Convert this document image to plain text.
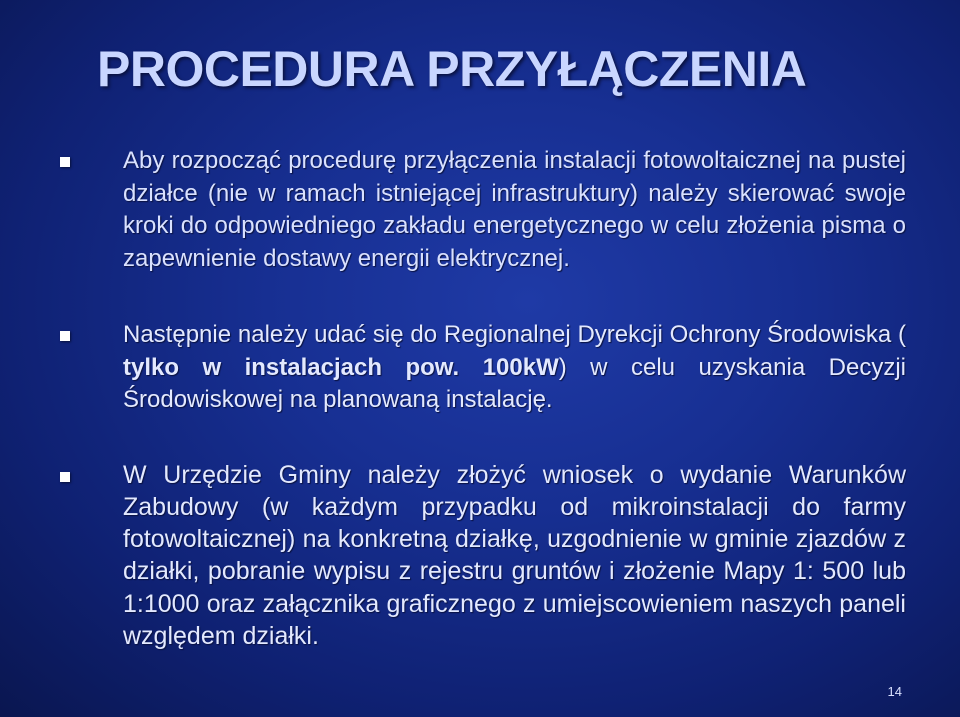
PROCEDURA PRZYŁĄCZENIA
Aby rozpocząć procedurę przyłączenia instalacji fotowoltaicznej na pustej działce (nie w ramach istniejącej infrastruktury) należy skierować swoje kroki do odpowiedniego zakładu energetycznego w celu złożenia pisma o zapewnienie dostawy energii elektrycznej.
Następnie należy udać się do Regionalnej Dyrekcji Ochrony Środowiska ( tylko w instalacjach pow. 100kW) w celu uzyskania Decyzji Środowiskowej na planowaną instalację.
W Urzędzie Gminy należy złożyć wniosek o wydanie Warunków Zabudowy (w każdym przypadku od mikroinstalacji do farmy fotowoltaicznej) na konkretną działkę, uzgodnienie w gminie zjazdów z działki, pobranie wypisu z rejestru gruntów i złożenie Mapy 1: 500 lub 1:1000 oraz załącznika graficznego z umiejscowieniem naszych paneli względem działki.
14
